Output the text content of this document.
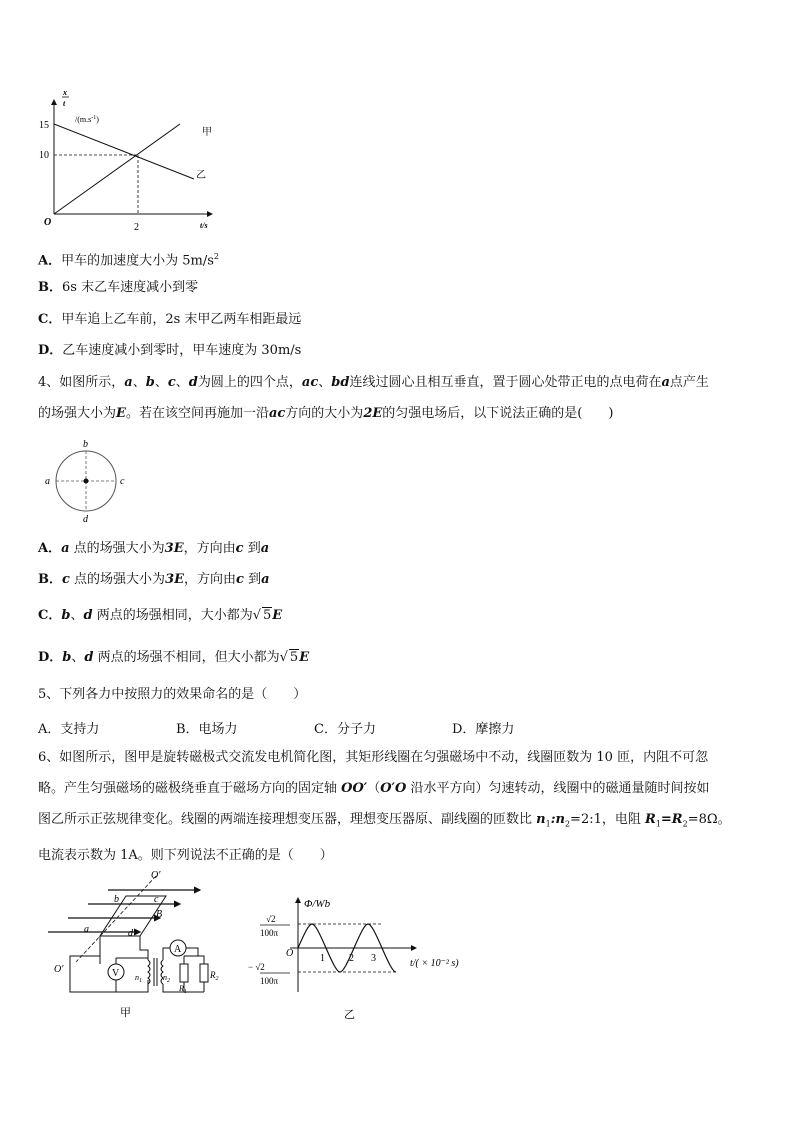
x
t
$/(m.s^{-1})$
15
10
O	2	t/s
甲
乙
A．甲车的加速度大小为 $5m/s^2$
B．6s 末乙车速度减小到零
C．甲车追上乙车前，2s 末甲乙两车相距最远
D．乙车速度减小到零时，甲车速度为 30m/s
4、如图所示，a、b、c、d为圆上的四个点，ac、bd连线过圆心且相互垂直，置于圆心处带正电的点电荷在a点产生
的场强大小为E。若在该空间再施加一沿ac方向的大小为2E的匀强电场后，以下说法正确的是(　　)
b
a	c
d
A．a 点的场强大小为3E，方向由c 到a
B．c 点的场强大小为3E，方向由c 到a
C．b、d 两点的场强相同，大小都为√ 5E
D．b、d 两点的场强不相同，但大小都为√ 5E
5、下列各力中按照力的效果命名的是（　　）
A．支持力	B．电场力	C．分子力	D．摩擦力
6、如图所示，图甲是旋转磁极式交流发电机简化图，其矩形线圈在匀强磁场中不动，线圈匝数为 10 匝，内阻不可忽
略。产生匀强磁场的磁极绕垂直于磁场方向的固定轴 OO′（O′O 沿水平方向）匀速转动，线圈中的磁通量随时间按如
图乙所示正弦规律变化。线圈的两端连接理想变压器，理想变压器原、副线圈的匝数比 $n_1:n_2=2:1$，电阻 $R_1=R_2=8\Omega$。
电流表示数为 1A。则下列说法不正确的是（　　）
O′
b	c
B
a	d
O′	V $n_1$	$n_2$
A
$R_1$
$R_2$
甲
Φ/Wb
√2
100π
− √2
100π
O	1 2 3	t/( × 10⁻² s)
乙
